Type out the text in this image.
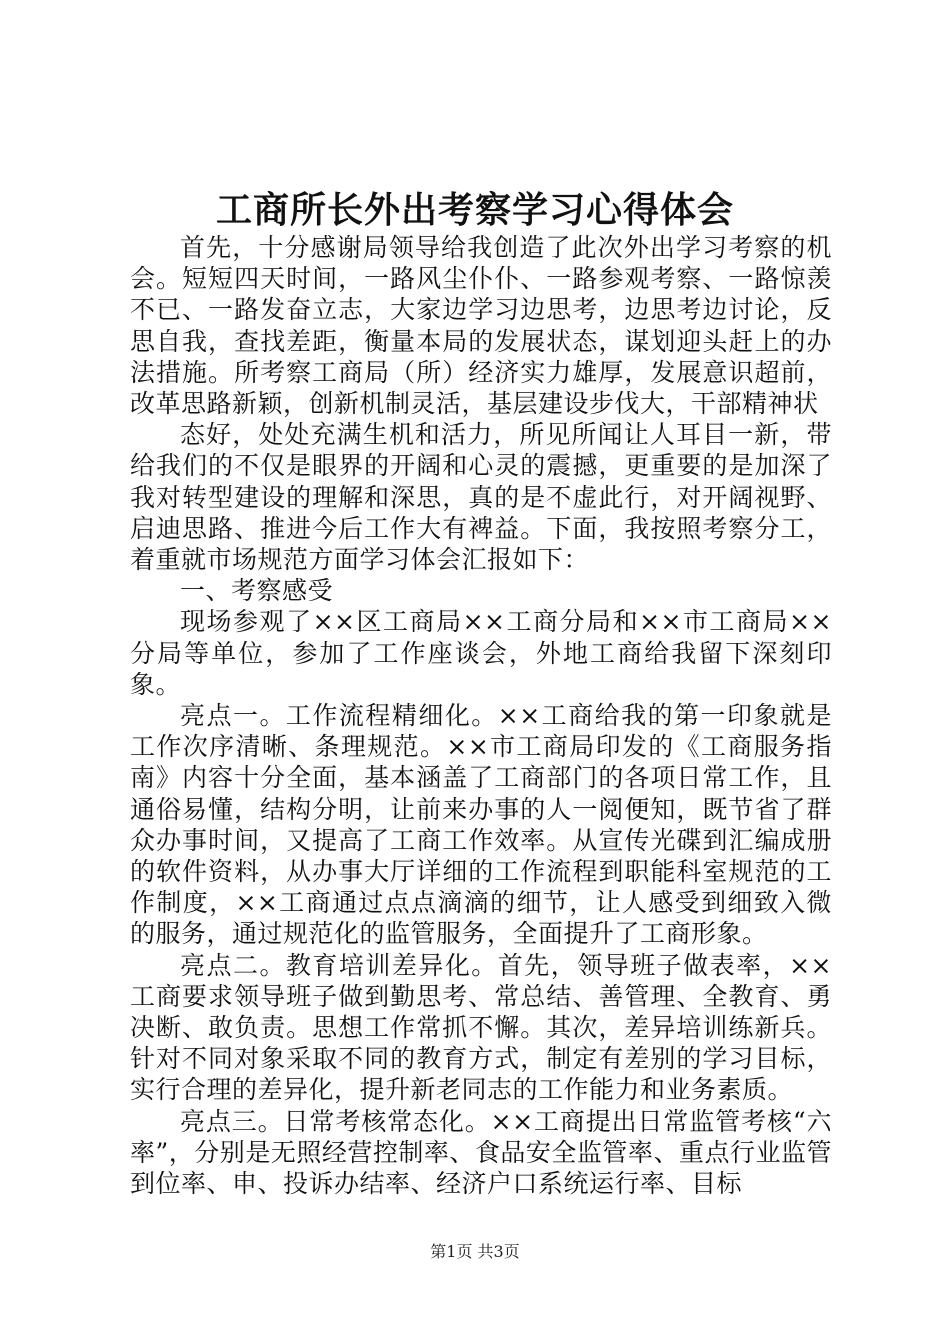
工商所长外出考察学习心得体会

首先，十分感谢局领导给我创造了此次外出学习考察的机会。短短四天时间，一路风尘仆仆、一路参观考察、一路惊羡不已、一路发奋立志，大家边学习边思考，边思考边讨论，反思自我，查找差距，衡量本局的发展状态，谋划迎头赶上的办法措施。所考察工商局（所）经济实力雄厚，发展意识超前，改革思路新颖，创新机制灵活，基层建设步伐大，干部精神状

态好，处处充满生机和活力，所见所闻让人耳目一新，带给我们的不仅是眼界的开阔和心灵的震撼，更重要的是加深了我对转型建设的理解和深思，真的是不虚此行，对开阔视野、启迪思路、推进今后工作大有裨益。下面，我按照考察分工，着重就市场规范方面学习体会汇报如下：

一、考察感受

现场参观了××区工商局××工商分局和××市工商局××分局等单位，参加了工作座谈会，外地工商给我留下深刻印象。

亮点一。工作流程精细化。××工商给我的第一印象就是工作次序清晰、条理规范。××市工商局印发的《工商服务指南》内容十分全面，基本涵盖了工商部门的各项日常工作，且通俗易懂，结构分明，让前来办事的人一阅便知，既节省了群众办事时间，又提高了工商工作效率。从宣传光碟到汇编成册的软件资料，从办事大厅详细的工作流程到职能科室规范的工作制度，××工商通过点点滴滴的细节，让人感受到细致入微的服务，通过规范化的监管服务，全面提升了工商形象。

亮点二。教育培训差异化。首先，领导班子做表率，××工商要求领导班子做到勤思考、常总结、善管理、全教育、勇决断、敢负责。思想工作常抓不懈。其次，差异培训练新兵。针对不同对象采取不同的教育方式，制定有差别的学习目标，实行合理的差异化，提升新老同志的工作能力和业务素质。

亮点三。日常考核常态化。××工商提出日常监管考核“六率”，分别是无照经营控制率、食品安全监管率、重点行业监管到位率、申、投诉办结率、经济户口系统运行率、目标

第1页 共3页
